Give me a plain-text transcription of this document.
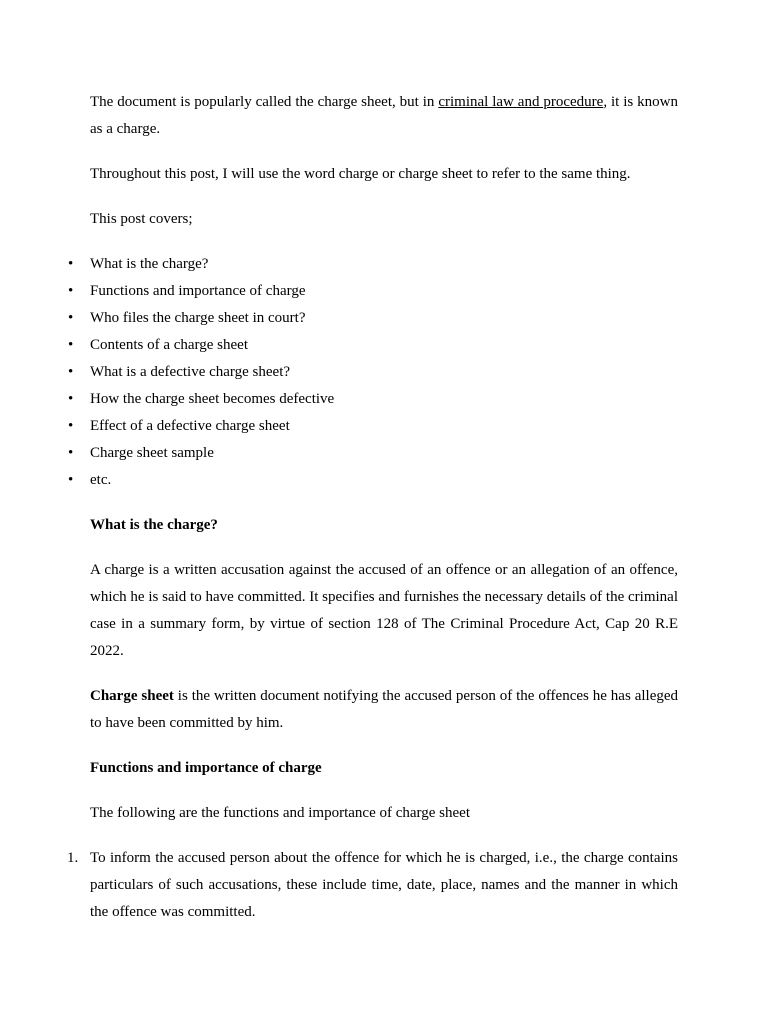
The document is popularly called the charge sheet, but in criminal law and procedure, it is known as a charge.

Throughout this post, I will use the word charge or charge sheet to refer to the same thing.

This post covers;

• What is the charge?
• Functions and importance of charge
• Who files the charge sheet in court?
• Contents of a charge sheet
• What is a defective charge sheet?
• How the charge sheet becomes defective
• Effect of a defective charge sheet
• Charge sheet sample
• etc.

What is the charge?

A charge is a written accusation against the accused of an offence or an allegation of an offence, which he is said to have committed. It specifies and furnishes the necessary details of the criminal case in a summary form, by virtue of section 128 of The Criminal Procedure Act, Cap 20 R.E 2022.

Charge sheet is the written document notifying the accused person of the offences he has alleged to have been committed by him.

Functions and importance of charge

The following are the functions and importance of charge sheet

1. To inform the accused person about the offence for which he is charged, i.e., the charge contains particulars of such accusations, these include time, date, place, names and the manner in which the offence was committed.
